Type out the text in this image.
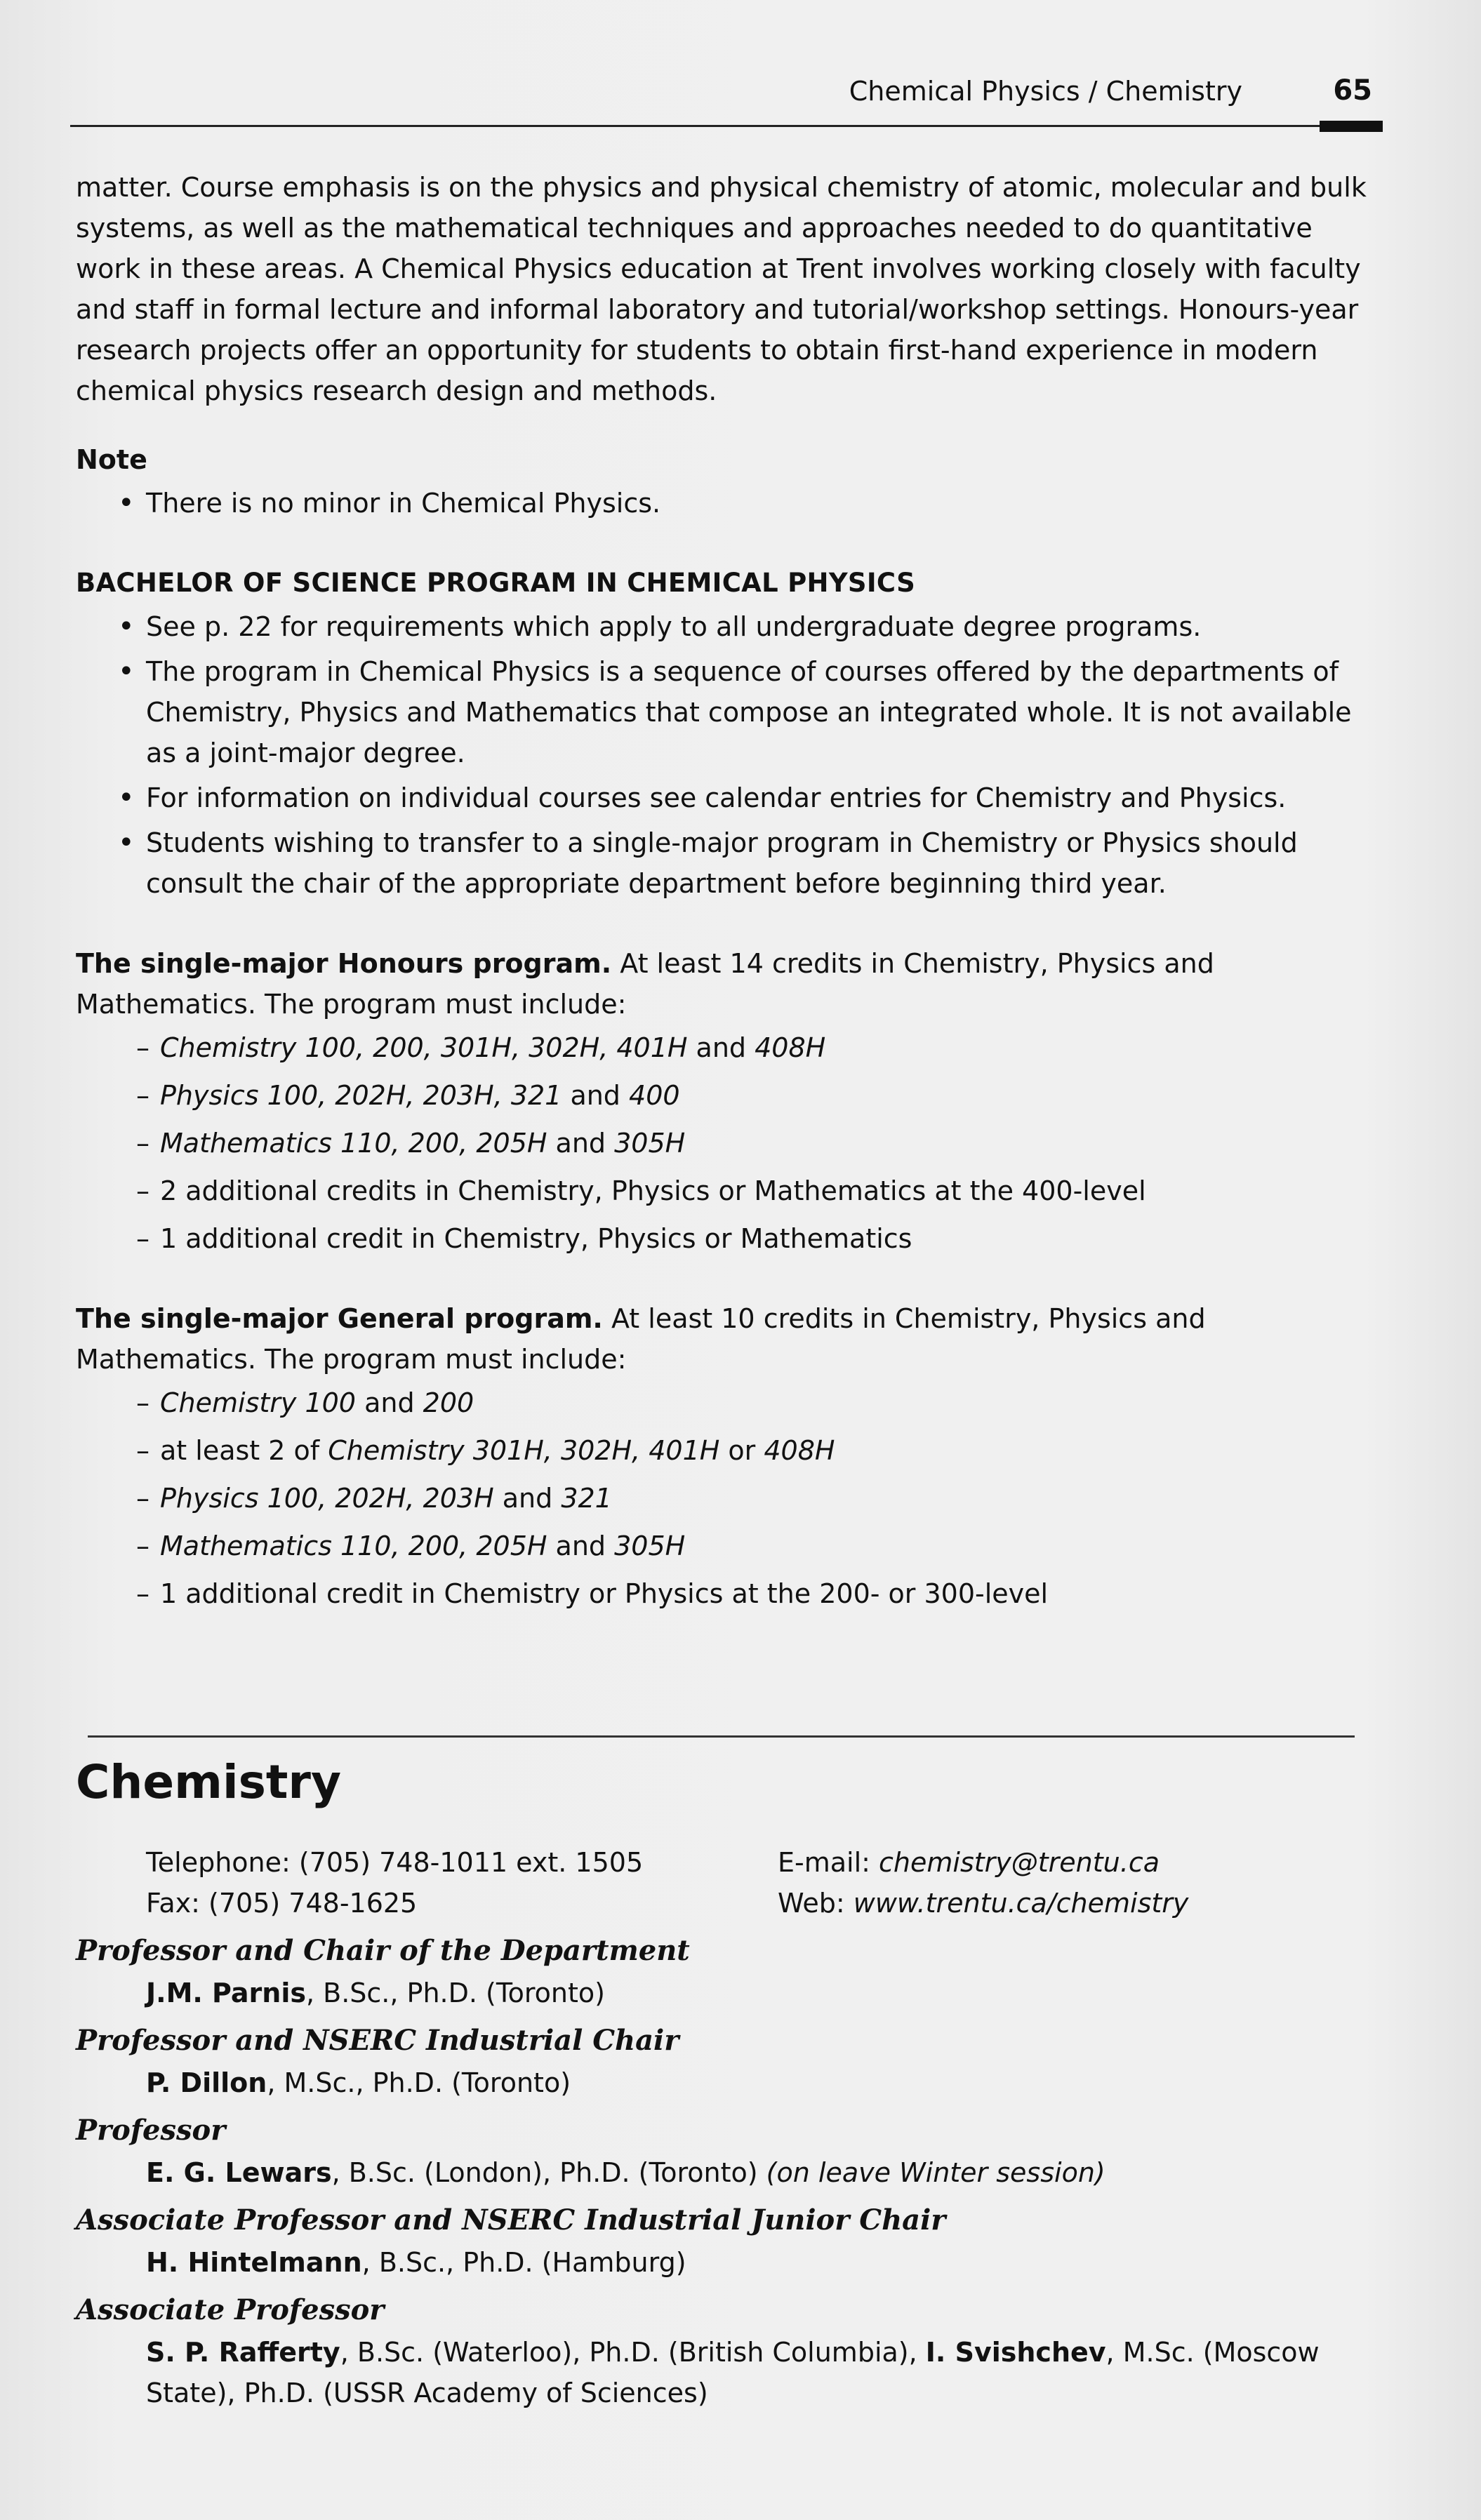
Chemical Physics / Chemistry	65

matter. Course emphasis is on the physics and physical chemistry of atomic, molecular and bulk systems, as well as the mathematical techniques and approaches needed to do quantitative work in these areas. A Chemical Physics education at Trent involves working closely with faculty and staff in formal lecture and informal laboratory and tutorial/workshop settings. Honours-year research projects offer an opportunity for students to obtain first-hand experience in modern chemical physics research design and methods.

Note

• There is no minor in Chemical Physics.

BACHELOR OF SCIENCE PROGRAM IN CHEMICAL PHYSICS

• See p. 22 for requirements which apply to all undergraduate degree programs.
• The program in Chemical Physics is a sequence of courses offered by the departments of Chemistry, Physics and Mathematics that compose an integrated whole. It is not available as a joint-major degree.
• For information on individual courses see calendar entries for Chemistry and Physics.
• Students wishing to transfer to a single-major program in Chemistry or Physics should consult the chair of the appropriate department before beginning third year.

The single-major Honours program. At least 14 credits in Chemistry, Physics and Mathematics. The program must include:

– Chemistry 100, 200, 301H, 302H, 401H and 408H
– Physics 100, 202H, 203H, 321 and 400
– Mathematics 110, 200, 205H and 305H
– 2 additional credits in Chemistry, Physics or Mathematics at the 400-level
– 1 additional credit in Chemistry, Physics or Mathematics

The single-major General program. At least 10 credits in Chemistry, Physics and Mathematics. The program must include:

– Chemistry 100 and 200
– at least 2 of Chemistry 301H, 302H, 401H or 408H
– Physics 100, 202H, 203H and 321
– Mathematics 110, 200, 205H and 305H
– 1 additional credit in Chemistry or Physics at the 200- or 300-level

Chemistry

Telephone: (705) 748-1011 ext. 1505

Fax: (705) 748-1625

E-mail: chemistry@trentu.ca

Web: www.trentu.ca/chemistry

Professor and Chair of the Department

J.M. Parnis, B.Sc., Ph.D. (Toronto)

Professor and NSERC Industrial Chair

P. Dillon, M.Sc., Ph.D. (Toronto)

Professor

E. G. Lewars, B.Sc. (London), Ph.D. (Toronto) (on leave Winter session)

Associate Professor and NSERC Industrial Junior Chair

H. Hintelmann, B.Sc., Ph.D. (Hamburg)

Associate Professor

S. P. Rafferty, B.Sc. (Waterloo), Ph.D. (British Columbia), I. Svishchev, M.Sc. (Moscow State), Ph.D. (USSR Academy of Sciences)
